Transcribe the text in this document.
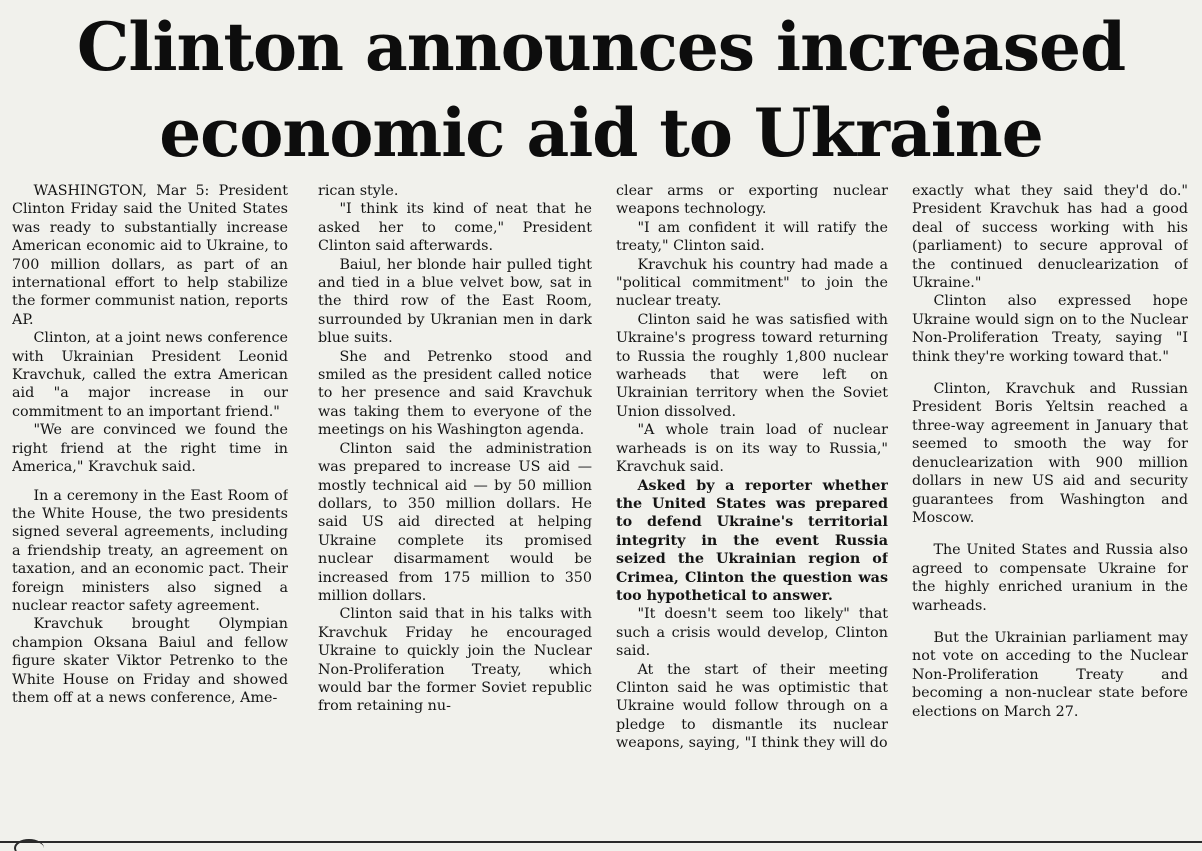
Clinton announces increased
economic aid to Ukraine

WASHINGTON, Mar 5: President Clinton Friday said the United States was ready to substantially increase American economic aid to Ukraine, to 700 million dollars, as part of an international effort to help stabilize the former communist nation, reports AP.

Clinton, at a joint news conference with Ukrainian President Leonid Kravchuk, called the extra American aid "a major increase in our commitment to an important friend."

"We are convinced we found the right friend at the right time in America," Kravchuk said.

In a ceremony in the East Room of the White House, the two presidents signed several agreements, including a friendship treaty, an agreement on taxation, and an economic pact. Their foreign ministers also signed a nuclear reactor safety agreement.

Kravchuk brought Olympian champion Oksana Baiul and fellow figure skater Viktor Petrenko to the White House on Friday and showed them off at a news conference, Ame-

rican style.

"I think its kind of neat that he asked her to come," President Clinton said afterwards.

Baiul, her blonde hair pulled tight and tied in a blue velvet bow, sat in the third row of the East Room, surrounded by Ukranian men in dark blue suits.

She and Petrenko stood and smiled as the president called notice to her presence and said Kravchuk was taking them to everyone of the meetings on his Washington agenda.

Clinton said the administration was prepared to increase US aid — mostly technical aid — by 50 million dollars, to 350 million dollars. He said US aid directed at helping Ukraine complete its promised nuclear disarmament would be increased from 175 million to 350 million dollars.

Clinton said that in his talks with Kravchuk Friday he encouraged Ukraine to quickly join the Nuclear Non-Proliferation Treaty, which would bar the former Soviet republic from retaining nu-

clear arms or exporting nuclear weapons technology.

"I am confident it will ratify the treaty," Clinton said.

Kravchuk his country had made a "political commitment" to join the nuclear treaty.

Clinton said he was satisfied with Ukraine's progress toward returning to Russia the roughly 1,800 nuclear warheads that were left on Ukrainian territory when the Soviet Union dissolved.

"A whole train load of nuclear warheads is on its way to Russia," Kravchuk said.

Asked by a reporter whether the United States was prepared to defend Ukraine's territorial integrity in the event Russia seized the Ukrainian region of Crimea, Clinton the question was too hypothetical to answer.

"It doesn't seem too likely" that such a crisis would develop, Clinton said.

At the start of their meeting Clinton said he was optimistic that Ukraine would follow through on a pledge to dismantle its nuclear weapons, saying, "I think they will do

exactly what they said they'd do." President Kravchuk has had a good deal of success working with his (parliament) to secure approval of the continued denuclearization of Ukraine."

Clinton also expressed hope Ukraine would sign on to the Nuclear Non-Proliferation Treaty, saying "I think they're working toward that."

Clinton, Kravchuk and Russian President Boris Yeltsin reached a three-way agreement in January that seemed to smooth the way for denuclearization with 900 million dollars in new US aid and security guarantees from Washington and Moscow.

The United States and Russia also agreed to compensate Ukraine for the highly enriched uranium in the warheads.

But the Ukrainian parliament may not vote on acceding to the Nuclear Non-Proliferation Treaty and becoming a non-nuclear state before elections on March 27.
